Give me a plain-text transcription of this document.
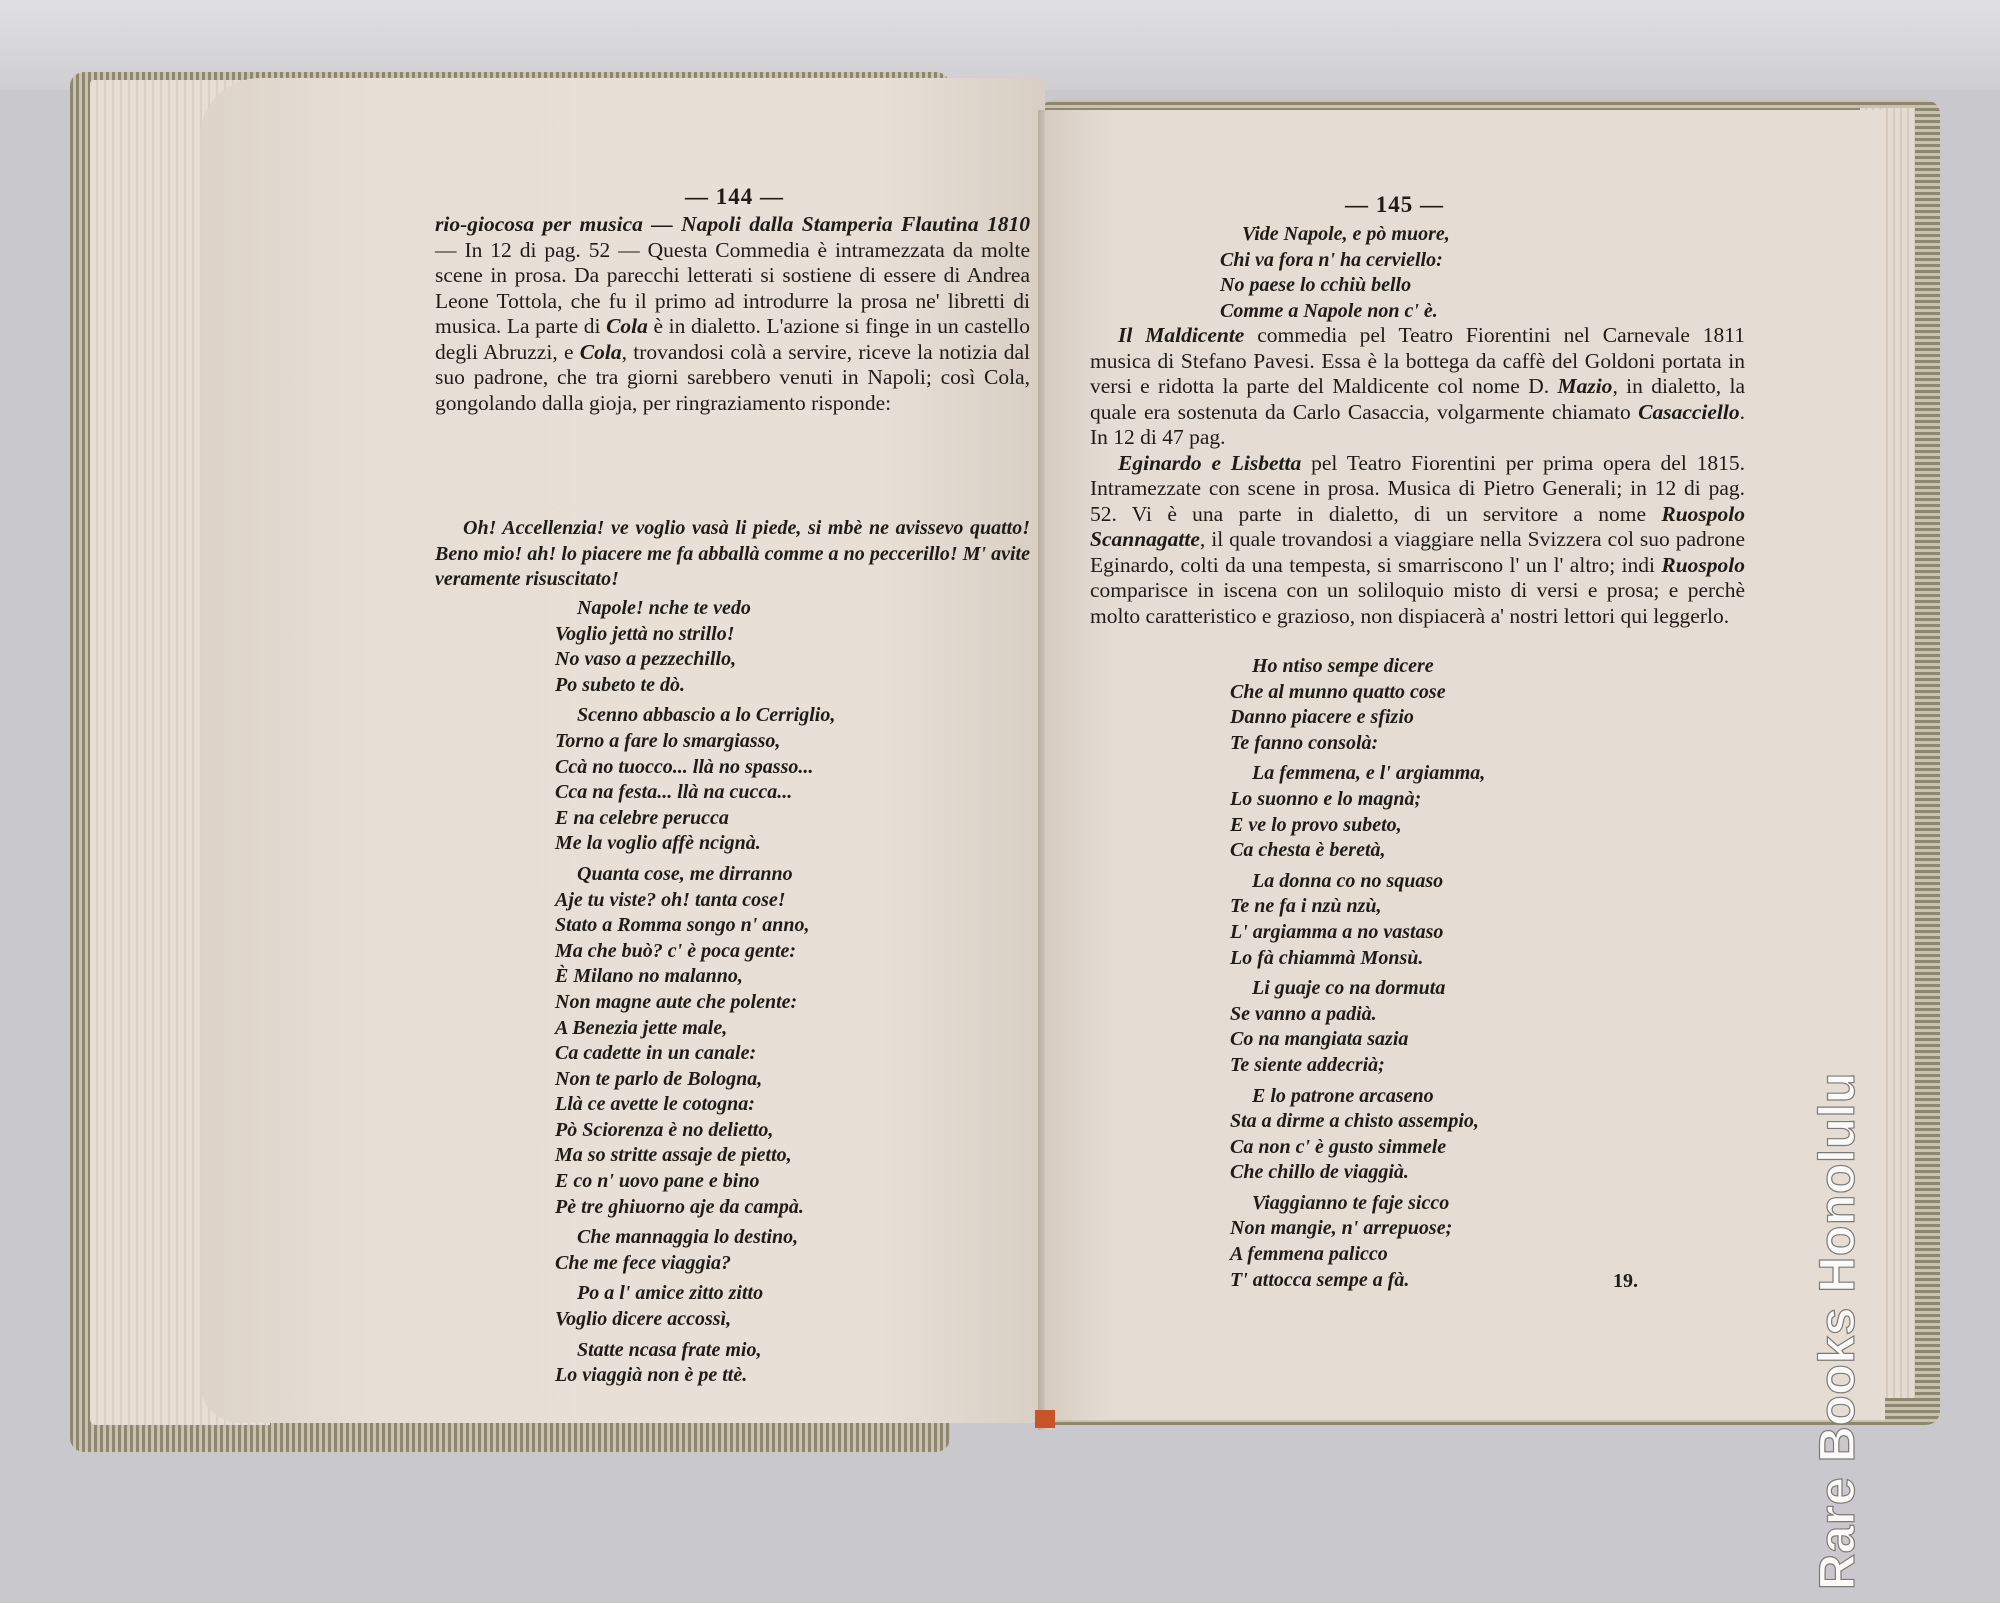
— 144 —

rio-giocosa per musica — Napoli dalla Stamperia Flautina 1810 — In 12 di pag. 52 — Questa Commedia è intramezzata da molte scene in prosa. Da parecchi letterati si sostiene di essere di Andrea Leone Tottola, che fu il primo ad introdurre la prosa ne' libretti di musica. La parte di Cola è in dialetto. L'azione si finge in un castello degli Abruzzi, e Cola, trovandosi colà a servire, riceve la notizia dal suo padrone, che tra giorni sarebbero venuti in Napoli; così Cola, gongolando dalla gioja, per ringraziamento risponde:

Oh! Accellenzia! ve voglio vasà li piede, si mbè ne avissevo quatto! Beno mio! ah! lo piacere me fa abballà comme a no peccerillo! M' avite veramente risuscitato!

Napole! nche te vedo
Voglio jettà no strillo!
No vaso a pezzechillo,
Po subeto te dò.
Scenno abbascio a lo Cerriglio,
Torno a fare lo smargiasso,
Ccà no tuocco... llà no spasso...
Cca na festa... llà na cucca...
E na celebre perucca
Me la voglio affè ncignà.
Quanta cose, me dirranno
Aje tu viste? oh! tanta cose!
Stato a Romma songo n' anno,
Ma che buò? c' è poca gente:
È Milano no malanno,
Non magne aute che polente:
A Benezia jette male,
Ca cadette in un canale:
Non te parlo de Bologna,
Llà ce avette le cotogna:
Pò Sciorenza è no delietto,
Ma so stritte assaje de pietto,
E co n' uovo pane e bino
Pè tre ghiuorno aje da campà.
Che mannaggia lo destino,
Che me fece viaggia?
Po a l' amice zitto zitto
Voglio dicere accossì,
Statte ncasa frate mio,
Lo viaggià non è pe ttè.
— 145 —
Vide Napole, e pò muore,
Chi va fora n' ha cerviello:
No paese lo cchiù bello
Comme a Napole non c' è.

Il Maldicente commedia pel Teatro Fiorentini nel Carnevale 1811 musica di Stefano Pavesi. Essa è la bottega da caffè del Goldoni portata in versi e ridotta la parte del Maldicente col nome D. Mazio, in dialetto, la quale era sostenuta da Carlo Casaccia, volgarmente chiamato Casacciello. In 12 di 47 pag.

Eginardo e Lisbetta pel Teatro Fiorentini per prima opera del 1815. Intramezzate con scene in prosa. Musica di Pietro Generali; in 12 di pag. 52. Vi è una parte in dialetto, di un servitore a nome Ruospolo Scannagatte, il quale trovandosi a viaggiare nella Svizzera col suo padrone Eginardo, colti da una tempesta, si smarriscono l' un l' altro; indi Ruospolo comparisce in iscena con un soliloquio misto di versi e prosa; e perchè molto caratteristico e grazioso, non dispiacerà a' nostri lettori qui leggerlo.

Ho ntiso sempe dicere
Che al munno quatto cose
Danno piacere e sfizio
Te fanno consolà:
La femmena, e l' argiamma,
Lo suonno e lo magnà;
E ve lo provo subeto,
Ca chesta è beretà,
La donna co no squaso
Te ne fa i nzù nzù,
L' argiamma a no vastaso
Lo fà chiammà Monsù.
Li guaje co na dormuta
Se vanno a padià.
Co na mangiata sazia
Te siente addecrià;
E lo patrone arcaseno
Sta a dirme a chisto assempio,
Ca non c' è gusto simmele
Che chillo de viaggià.
Viaggianno te faje sicco
Non mangie, n' arrepuose;
A femmena palicco
T' attocca sempe a fà.	19.	Rare Books Honolulu
